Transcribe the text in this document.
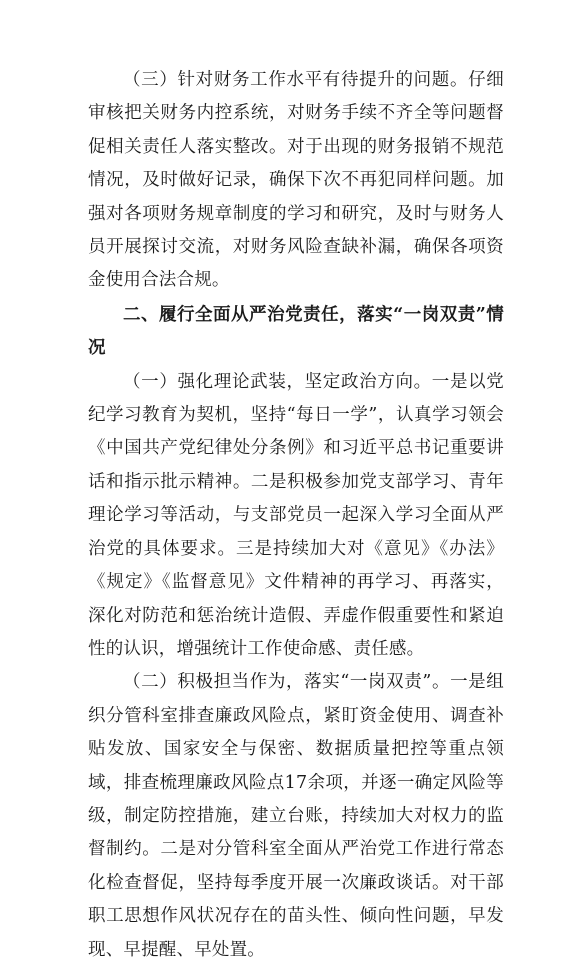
（三）针对财务工作水平有待提升的问题。仔细审核把关财务内控系统，对财务手续不齐全等问题督促相关责任人落实整改。对于出现的财务报销不规范情况，及时做好记录，确保下次不再犯同样问题。加强对各项财务规章制度的学习和研究，及时与财务人员开展探讨交流，对财务风险查缺补漏，确保各项资金使用合法合规。

二、履行全面从严治党责任，落实“一岗双责”情况

（一）强化理论武装，坚定政治方向。一是以党纪学习教育为契机，坚持“每日一学”，认真学习领会《中国共产党纪律处分条例》和习近平总书记重要讲话和指示批示精神。二是积极参加党支部学习、青年理论学习等活动，与支部党员一起深入学习全面从严治党的具体要求。三是持续加大对《意见》《办法》《规定》《监督意见》文件精神的再学习、再落实，深化对防范和惩治统计造假、弄虚作假重要性和紧迫性的认识，增强统计工作使命感、责任感。

（二）积极担当作为，落实“一岗双责”。一是组织分管科室排查廉政风险点，紧盯资金使用、调查补贴发放、国家安全与保密、数据质量把控等重点领域，排查梳理廉政风险点17余项，并逐一确定风险等级，制定防控措施，建立台账，持续加大对权力的监督制约。二是对分管科室全面从严治党工作进行常态化检查督促，坚持每季度开展一次廉政谈话。对干部职工思想作风状况存在的苗头性、倾向性问题，早发现、早提醒、早处置。
